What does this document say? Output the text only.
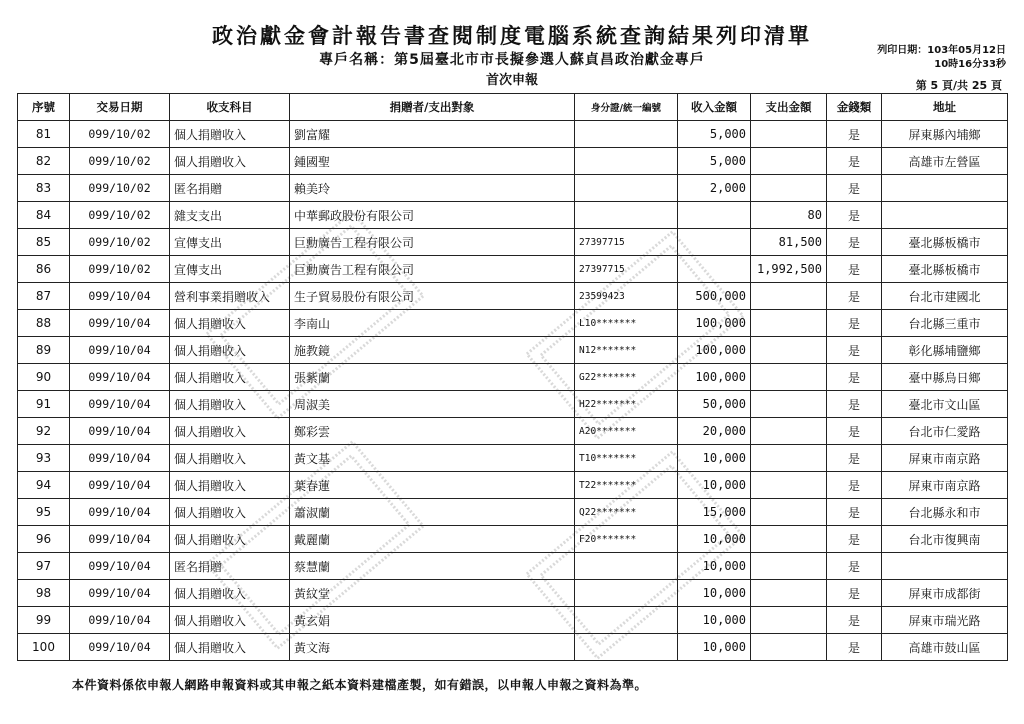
政治獻金會計報告書查閱制度電腦系統查詢結果列印清單
專戶名稱：第5屆臺北市市長擬參選人蘇貞昌政治獻金專戶
首次申報
列印日期：103年05月12日
10時16分33秒
第 5 頁/共 25 頁
序號	交易日期	收支科目	捐贈者/支出對象	身分證/統一編號	收入金額	支出金額	金錢類	地址
81	099/10/02	個人捐贈收入	劉富耀		5,000		是	屏東縣內埔鄉
82	099/10/02	個人捐贈收入	鍾國聖		5,000		是	高雄市左營區
83	099/10/02	匿名捐贈	賴美玲		2,000		是	
84	099/10/02	雜支支出	中華郵政股份有限公司			80	是	
85	099/10/02	宣傳支出	巨勳廣告工程有限公司	27397715		81,500	是	臺北縣板橋市
86	099/10/02	宣傳支出	巨勳廣告工程有限公司	27397715		1,992,500	是	臺北縣板橋市
87	099/10/04	營利事業捐贈收入	生子貿易股份有限公司	23599423	500,000		是	台北市建國北
88	099/10/04	個人捐贈收入	李南山	L10*******	100,000		是	台北縣三重市
89	099/10/04	個人捐贈收入	施教鏡	N12*******	100,000		是	彰化縣埔鹽鄉
90	099/10/04	個人捐贈收入	張紫蘭	G22*******	100,000		是	臺中縣烏日鄉
91	099/10/04	個人捐贈收入	周淑美	H22*******	50,000		是	臺北市文山區
92	099/10/04	個人捐贈收入	鄭彩雲	A20*******	20,000		是	台北市仁愛路
93	099/10/04	個人捐贈收入	黃文基	T10*******	10,000		是	屏東市南京路
94	099/10/04	個人捐贈收入	葉春蓮	T22*******	10,000		是	屏東市南京路
95	099/10/04	個人捐贈收入	蕭淑蘭	Q22*******	15,000		是	台北縣永和市
96	099/10/04	個人捐贈收入	戴麗蘭	F20*******	10,000		是	台北市復興南
97	099/10/04	匿名捐贈	蔡慧蘭		10,000		是	
98	099/10/04	個人捐贈收入	黃紋堂		10,000		是	屏東市成都街
99	099/10/04	個人捐贈收入	黃玄娟		10,000		是	屏東市瑞光路
100	099/10/04	個人捐贈收入	黃文海		10,000		是	高雄市鼓山區
本件資料係依申報人網路申報資料或其申報之紙本資料建檔產製，如有錯誤，以申報人申報之資料為準。
